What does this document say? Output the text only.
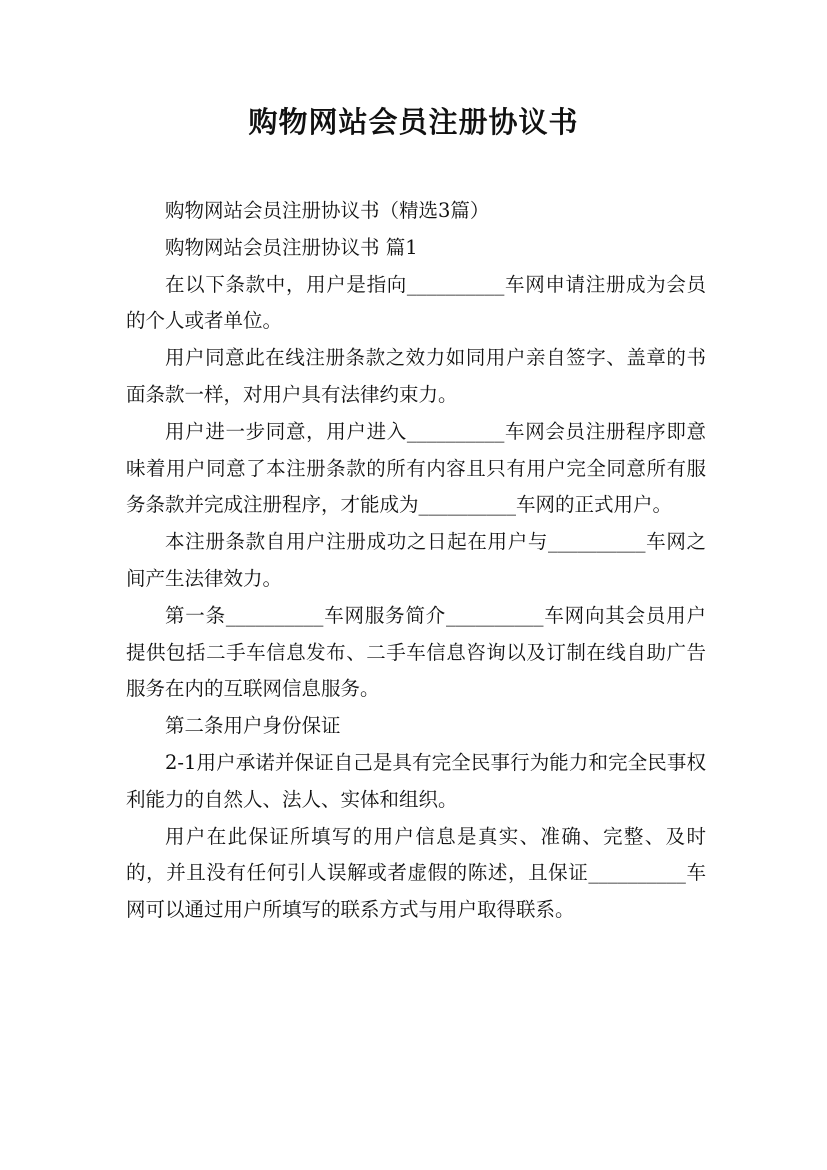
购物网站会员注册协议书

购物网站会员注册协议书（精选3篇）

购物网站会员注册协议书 篇1

在以下条款中，用户是指向__________车网申请注册成为会员的个人或者单位。

用户同意此在线注册条款之效力如同用户亲自签字、盖章的书面条款一样，对用户具有法律约束力。

用户进一步同意，用户进入__________车网会员注册程序即意味着用户同意了本注册条款的所有内容且只有用户完全同意所有服务条款并完成注册程序，才能成为__________车网的正式用户。

本注册条款自用户注册成功之日起在用户与__________车网之间产生法律效力。

第一条__________车网服务简介__________车网向其会员用户提供包括二手车信息发布、二手车信息咨询以及订制在线自助广告服务在内的互联网信息服务。

第二条用户身份保证

2-1用户承诺并保证自己是具有完全民事行为能力和完全民事权利能力的自然人、法人、实体和组织。

用户在此保证所填写的用户信息是真实、准确、完整、及时的，并且没有任何引人误解或者虚假的陈述，且保证__________车网可以通过用户所填写的联系方式与用户取得联系。
